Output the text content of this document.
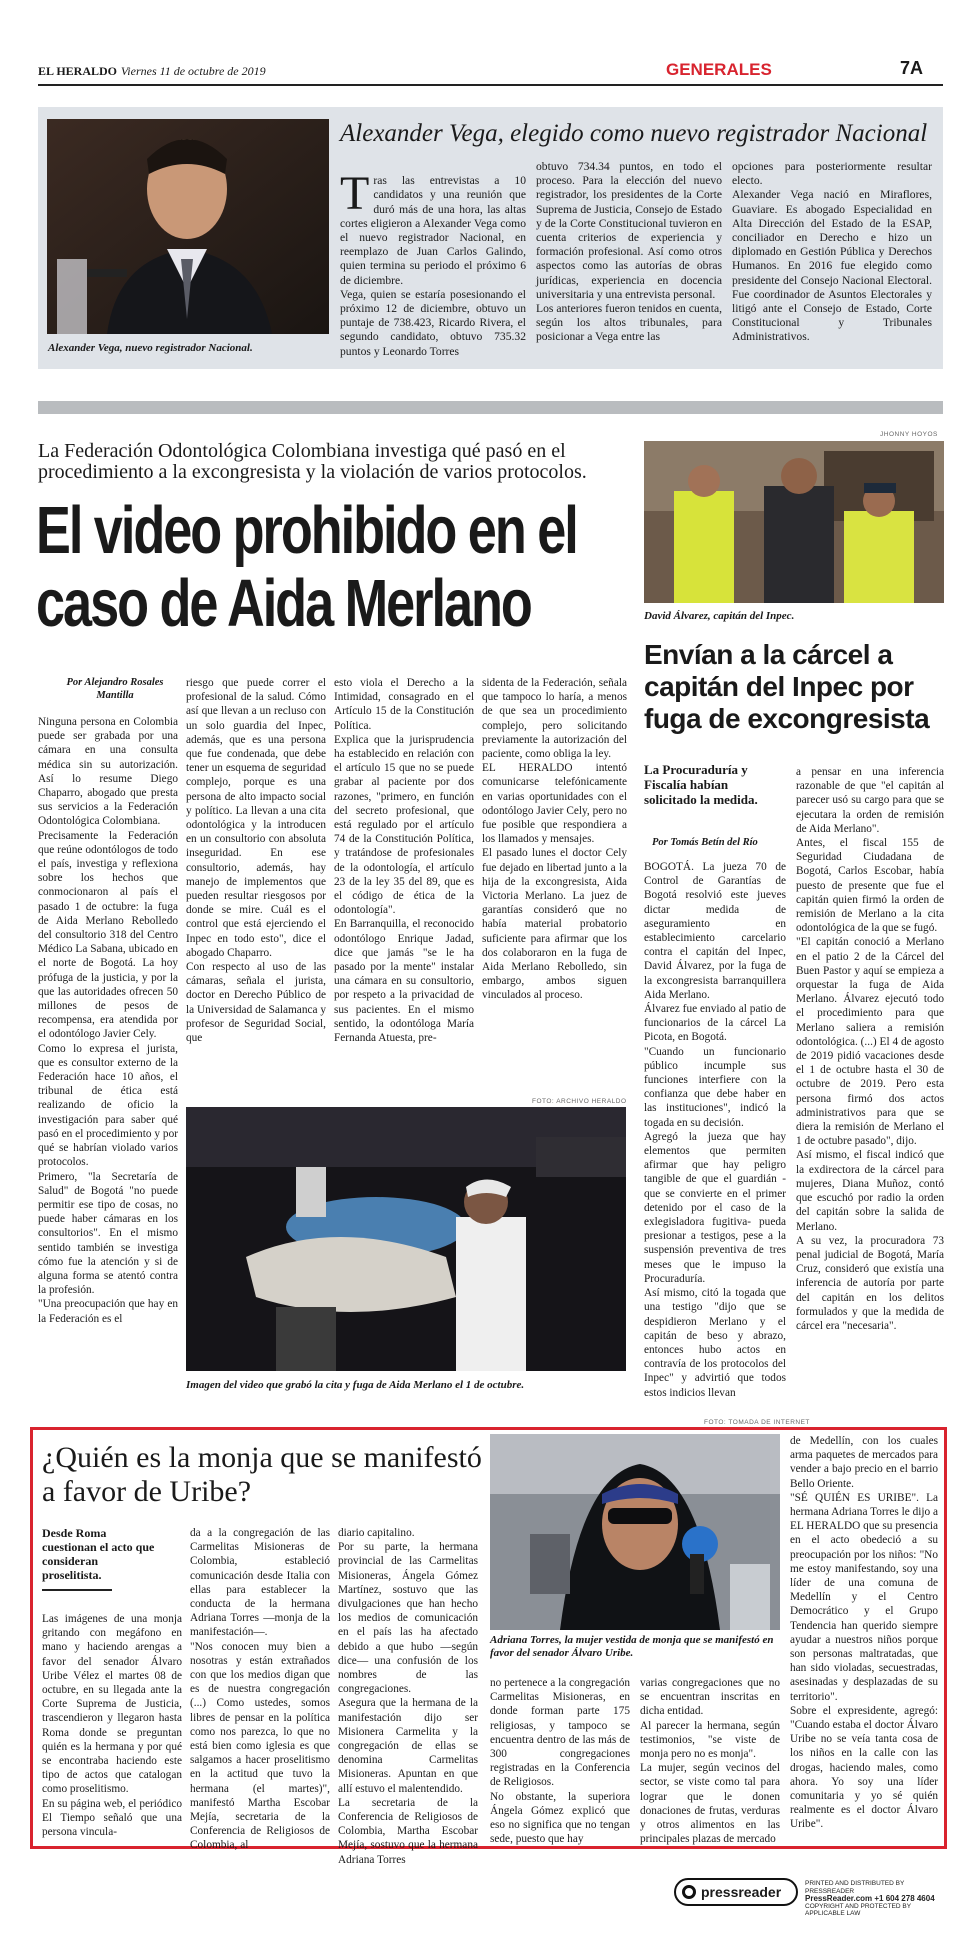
EL HERALDO Viernes 11 de octubre de 2019	GENERALES	7A
Alexander Vega, nuevo registrador Nacional.
Alexander Vega, elegido como nuevo registrador Nacional

Tras las entrevistas a 10 candidatos y una reunión que duró más de una hora, las altas cortes eligieron a Alexander Vega como el nuevo registrador Nacional, en reemplazo de Juan Carlos Galindo, quien termina su periodo el próximo 6 de diciembre.
Vega, quien se estaría posesionando el próximo 12 de diciembre, obtuvo un puntaje de 738.423, Ricardo Rivera, el segundo candidato, obtuvo 735.32 puntos y Leonardo Torres

obtuvo 734.34 puntos, en todo el proceso. Para la elección del nuevo registrador, los presidentes de la Corte Suprema de Justicia, Consejo de Estado y de la Corte Constitucional tuvieron en cuenta criterios de experiencia y formación profesional. Así como otros aspectos como las autorías de obras jurídicas, experiencia en docencia universitaria y una entrevista personal.
Los anteriores fueron tenidos en cuenta, según los altos tribunales, para posicionar a Vega entre las
opciones para posteriormente resultar electo.
Alexander Vega nació en Miraflores, Guaviare. Es abogado Especialidad en Alta Dirección del Estado de la ESAP, conciliador en Derecho e hizo un diplomado en Gestión Pública y Derechos Humanos. En 2016 fue elegido como presidente del Consejo Nacional Electoral. Fue coordinador de Asuntos Electorales y litigó ante el Consejo de Estado, Corte Constitucional y Tribunales Administrativos.
La Federación Odontológica Colombiana investiga qué pasó en el procedimiento a la excongresista y la violación de varios protocolos.
El video prohibido en el
caso de Aida Merlano
Por Alejandro Rosales Mantilla
Ninguna persona en Colombia puede ser grabada por una cámara en una consulta médica sin su autorización. Así lo resume Diego Chaparro, abogado que presta sus servicios a la Federación Odontológica Colombiana.
Precisamente la Federación que reúne odontólogos de todo el país, investiga y reflexiona sobre los hechos que conmocionaron al país el pasado 1 de octubre: la fuga de Aida Merlano Rebolledo del consultorio 318 del Centro Médico La Sabana, ubicado en el norte de Bogotá. La hoy prófuga de la justicia, y por la que las autoridades ofrecen 50 millones de pesos de recompensa, era atendida por el odontólogo Javier Cely.
Como lo expresa el jurista, que es consultor externo de la Federación hace 10 años, el tribunal de ética está realizando de oficio la investigación para saber qué pasó en el procedimiento y por qué se habrían violado varios protocolos.
Primero, "la Secretaría de Salud" de Bogotá "no puede permitir ese tipo de cosas, no puede haber cámaras en los consultorios". En el mismo sentido también se investiga cómo fue la atención y si de alguna forma se atentó contra la profesión.
"Una preocupación que hay en la Federación es el
riesgo que puede correr el profesional de la salud. Cómo así que llevan a un recluso con un solo guardia del Inpec, además, que es una persona que fue condenada, que debe tener un esquema de seguridad complejo, porque es una persona de alto impacto social y político. La llevan a una cita odontológica y la introducen en un consultorio con absoluta inseguridad. En ese consultorio, además, hay manejo de implementos que pueden resultar riesgosos por donde se mire. Cuál es el control que está ejerciendo el Inpec en todo esto", dice el abogado Chaparro.
Con respecto al uso de las cámaras, señala el jurista, doctor en Derecho Público de la Universidad de Salamanca y profesor de Seguridad Social, que
esto viola el Derecho a la Intimidad, consagrado en el Artículo 15 de la Constitución Política.
Explica que la jurisprudencia ha establecido en relación con el artículo 15 que no se puede grabar al paciente por dos razones, "primero, en función del secreto profesional, que está regulado por el artículo 74 de la Constitución Política, y tratándose de profesionales de la odontología, el artículo 23 de la ley 35 del 89, que es el código de ética de la odontología".
En Barranquilla, el reconocido odontólogo Enrique Jadad, dice que jamás "se le ha pasado por la mente" instalar una cámara en su consultorio, por respeto a la privacidad de sus pacientes. En el mismo sentido, la odontóloga María Fernanda Atuesta, pre-
sidenta de la Federación, señala que tampoco lo haría, a menos de que sea un procedimiento complejo, pero solicitando previamente la autorización del paciente, como obliga la ley.
EL HERALDO intentó comunicarse telefónicamente en varias oportunidades con el odontólogo Javier Cely, pero no fue posible que respondiera a los llamados y mensajes.
El pasado lunes el doctor Cely fue dejado en libertad junto a la hija de la excongresista, Aida Victoria Merlano. La juez de garantías consideró que no había material probatorio suficiente para afirmar que los dos colaboraron en la fuga de Aida Merlano Rebolledo, sin embargo, ambos siguen vinculados al proceso.
FOTO: ARCHIVO HERALDO
Imagen del video que grabó la cita y fuga de Aida Merlano el 1 de octubre.
JHONNY HOYOS
David Álvarez, capitán del Inpec.
Envían a la cárcel a capitán del Inpec por fuga de excongresista
La Procuraduría y Fiscalía habían solicitado la medida.
Por Tomás Betín del Río
BOGOTÁ. La jueza 70 de Control de Garantías de Bogotá resolvió este jueves dictar medida de aseguramiento en establecimiento carcelario contra el capitán del Inpec, David Álvarez, por la fuga de la excongresista barranquillera Aida Merlano.
Álvarez fue enviado al patio de funcionarios de la cárcel La Picota, en Bogotá.
"Cuando un funcionario público incumple sus funciones interfiere con la confianza que debe haber en las instituciones", indicó la togada en su decisión.
Agregó la jueza que hay elementos que permiten afirmar que hay peligro tangible de que el guardián -que se convierte en el primer detenido por el caso de la exlegisladora fugitiva- pueda presionar a testigos, pese a la suspensión preventiva de tres meses que le impuso la Procuraduría.
Así mismo, citó la togada que una testigo "dijo que se despidieron Merlano y el capitán de beso y abrazo, entonces hubo actos en contravía de los protocolos del Inpec" y advirtió que todos estos indicios llevan
a pensar en una inferencia razonable de que "el capitán al parecer usó su cargo para que se ejecutara la orden de remisión de Aida Merlano".
Antes, el fiscal 155 de Seguridad Ciudadana de Bogotá, Carlos Escobar, había puesto de presente que fue el capitán quien firmó la orden de remisión de Merlano a la cita odontológica de la que se fugó.
"El capitán conoció a Merlano en el patio 2 de la Cárcel del Buen Pastor y aquí se empieza a orquestar la fuga de Aida Merlano. Álvarez ejecutó todo el procedimiento para que Merlano saliera a remisión odontológica. (...) El 4 de agosto de 2019 pidió vacaciones desde el 1 de octubre hasta el 30 de octubre de 2019. Pero esta persona firmó dos actos administrativos para que se diera la remisión de Merlano el 1 de octubre pasado", dijo.
Así mismo, el fiscal indicó que la exdirectora de la cárcel para mujeres, Diana Muñoz, contó que escuchó por radio la orden del capitán sobre la salida de Merlano.
A su vez, la procuradora 73 penal judicial de Bogotá, María Cruz, consideró que existía una inferencia de autoría por parte del capitán en los delitos formulados y que la medida de cárcel era "necesaria".
¿Quién es la monja que se manifestó a favor de Uribe?
Desde Roma cuestionan el acto que consideran proselitista.
Las imágenes de una monja gritando con megáfono en mano y haciendo arengas a favor del senador Álvaro Uribe Vélez el martes 08 de octubre, en su llegada ante la Corte Suprema de Justicia, trascendieron y llegaron hasta Roma donde se preguntan quién es la hermana y por qué se encontraba haciendo este tipo de actos que catalogan como proselitismo.
En su página web, el periódico El Tiempo señaló que una persona vincula-
da a la congregación de las Carmelitas Misioneras de Colombia, estableció comunicación desde Italia con ellas para establecer la conducta de la hermana Adriana Torres —monja de la manifestación—.
"Nos conocen muy bien a nosotras y están extrañados con que los medios digan que es de nuestra congregación (...) Como ustedes, somos libres de pensar en la política como nos parezca, lo que no está bien como iglesia es que salgamos a hacer proselitismo en la actitud que tuvo la hermana (el martes)", manifestó Martha Escobar Mejía, secretaria de la Conferencia de Religiosos de Colombia, al
diario capitalino.
Por su parte, la hermana provincial de las Carmelitas Misioneras, Ángela Gómez Martínez, sostuvo que las divulgaciones que han hecho los medios de comunicación en el país las ha afectado debido a que hubo —según dice— una confusión de los nombres de las congregaciones.
Asegura que la hermana de la manifestación dijo ser Misionera Carmelita y la congregación de ellas se denomina Carmelitas Misioneras. Apuntan en que allí estuvo el malentendido.
La secretaria de la Conferencia de Religiosos de Colombia, Martha Escobar Mejía, sostuvo que la hermana Adriana Torres
FOTO: TOMADA DE INTERNET
Adriana Torres, la mujer vestida de monja que se manifestó en favor del senador Álvaro Uribe.
no pertenece a la congregación Carmelitas Misioneras, en donde forman parte 175 religiosas, y tampoco se encuentra dentro de las más de 300 congregaciones registradas en la Conferencia de Religiosos.
No obstante, la superiora Ángela Gómez explicó que eso no significa que no tengan sede, puesto que hay
varias congregaciones que no se encuentran inscritas en dicha entidad.
Al parecer la hermana, según testimonios, "se viste de monja pero no es monja".
La mujer, según vecinos del sector, se viste como tal para lograr que le donen donaciones de frutas, verduras y otros alimentos en las principales plazas de mercado
de Medellín, con los cuales arma paquetes de mercados para vender a bajo precio en el barrio Bello Oriente.
"SÉ QUIÉN ES URIBE". La hermana Adriana Torres le dijo a EL HERALDO que su presencia en el acto obedeció a su preocupación por los niños: "No me estoy manifestando, soy una líder de una comuna de Medellín y el Centro Democrático y el Grupo Tendencia han querido siempre ayudar a nuestros niños porque son personas maltratadas, que han sido violadas, secuestradas, asesinadas y desplazadas de su territorio".
Sobre el expresidente, agregó: "Cuando estaba el doctor Álvaro Uribe no se veía tanta cosa de los niños en la calle con las drogas, haciendo males, como ahora. Yo soy una líder comunitaria y yo sé quién realmente es el doctor Álvaro Uribe".
pressreader
PRINTED AND DISTRIBUTED BY PRESSREADER
PressReader.com +1 604 278 4604
COPYRIGHT AND PROTECTED BY APPLICABLE LAW
